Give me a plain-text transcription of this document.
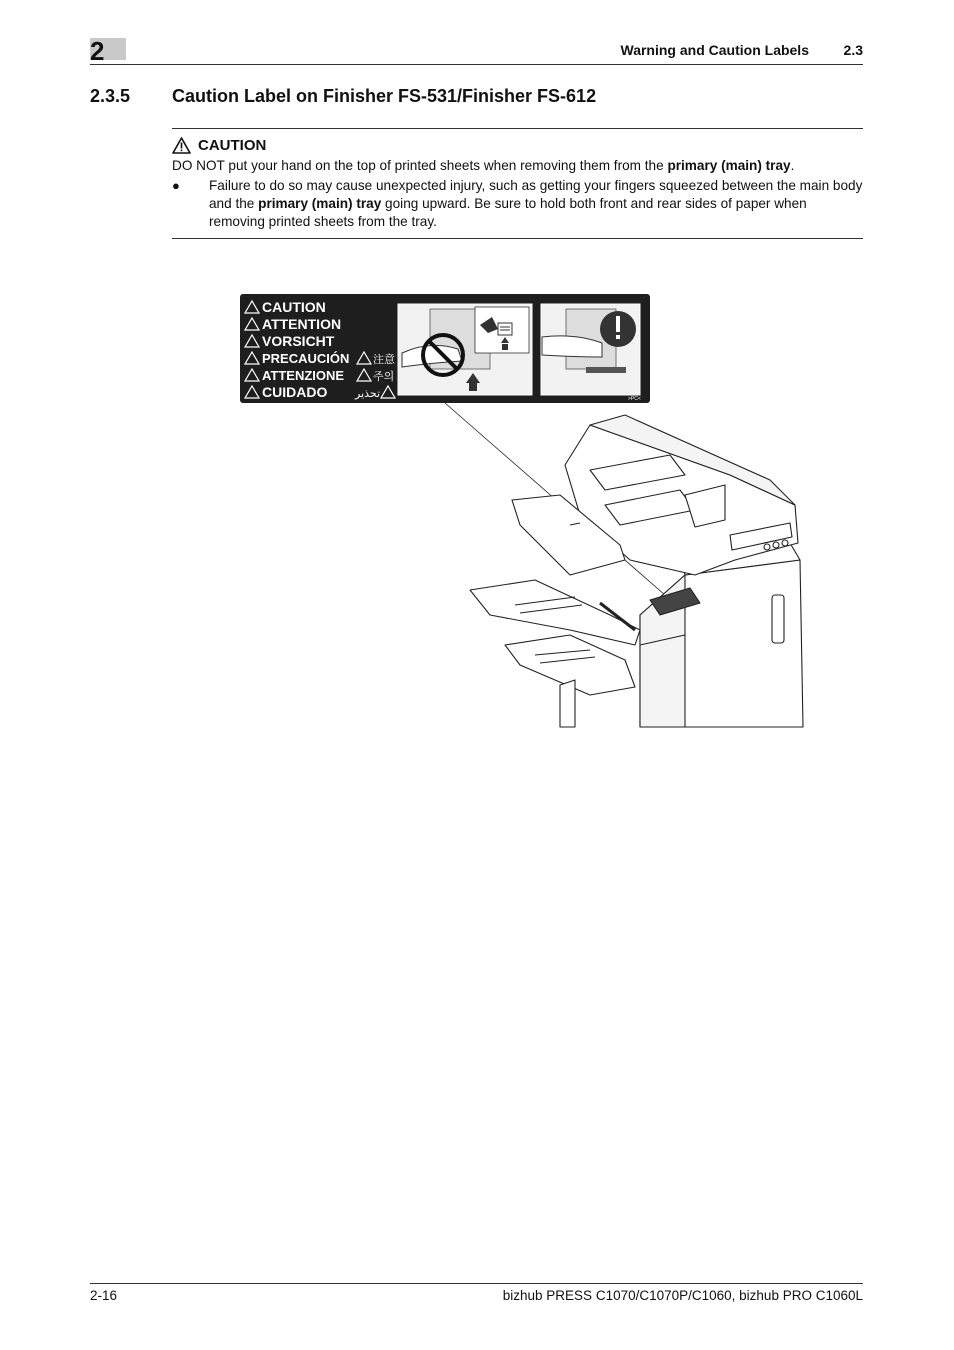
2	Warning and Caution Labels 2.3
2.3.5 Caution Label on Finisher FS-531/Finisher FS-612
CAUTION
DO NOT put your hand on the top of printed sheets when removing them from the primary (main) tray.
● Failure to do so may cause unexpected injury, such as getting your fingers squeezed between the main body and the primary (main) tray going upward. Be sure to hold both front and rear sides of paper when removing printed sheets from the tray.
CAUTION
ATTENTION
VORSICHT
PRECAUCIÓN 注意
ATTENZIONE	주의
CUIDADO	تحذير	>PC<
2-16	bizhub PRESS C1070/C1070P/C1060, bizhub PRO C1060L
